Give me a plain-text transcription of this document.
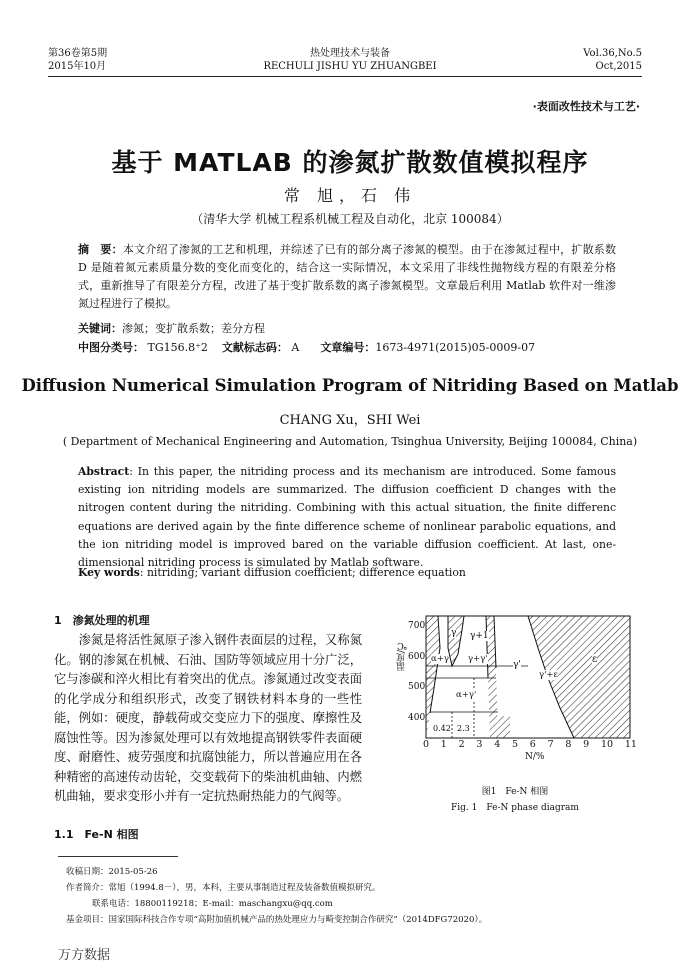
第36卷第5期
2015年10月
热处理技术与装备
RECHULI JISHU YU ZHUANGBEI
Vol.36,No.5
Oct,2015
·表面改性技术与工艺·
基于 MATLAB 的渗氮扩散数值模拟程序
常 旭，石 伟
（清华大学 机械工程系机械工程及自动化，北京 100084）
摘　要：本文介绍了渗氮的工艺和机理，并综述了已有的部分离子渗氮的模型。由于在渗氮过程中，扩散系数 D 是随着氮元素质量分数的变化而变化的，结合这一实际情况，本文采用了非线性抛物线方程的有限差分格式，重新推导了有限差分方程，改进了基于变扩散系数的离子渗氮模型。文章最后利用 Matlab 软件对一维渗氮过程进行了模拟。
关键词：渗氮；变扩散系数；差分方程
中图分类号： TG156.8⁺2 文献标志码： A 文章编号：1673-4971(2015)05-0009-07
Diffusion Numerical Simulation Program of Nitriding Based on Matlab
CHANG Xu，SHI Wei
( Department of Mechanical Engineering and Automation, Tsinghua University, Beijing 100084, China)
Abstract: In this paper, the nitriding process and its mechanism are introduced. Some famous existing ion nitriding models are summarized. The diffusion coefficient D changes with the nitrogen content during the nitriding. Combining with this actual situation, the finite differenc equations are derived again by the finte difference scheme of nonlinear parabolic equations, and the ion nitriding model is improved bared on the variable diffusion coefficient. At last, one-dimensional nitriding process is simulated by Matlab software.
Key words: nitriding; variant diffusion coefficient; difference equation
1　渗氮处理的机理
渗氮是将活性氮原子渗入钢件表面层的过程，又称氮化。钢的渗氮在机械、石油、国防等领域应用十分广泛，它与渗碳和淬火相比有着突出的优点。渗氮通过改变表面的化学成分和组织形式，改变了钢铁材料本身的一些性能，例如：硬度，静载荷或交变应力下的强度、摩擦性及腐蚀性等。因为渗氮处理可以有效地提高钢铁零件表面硬度、耐磨性、疲劳强度和抗腐蚀能力，所以普遍应用在各种精密的高速传动齿轮，交变载荷下的柴油机曲轴、内燃机曲轴，要求变形小并有一定抗热耐热能力的气阀等。
1.1　Fe-N 相图
温度/℃
700
600
500
400
0 1 2 3 4 5 6 7 8 9 10 11
N/%
γ γ+1
α+γ γ+γ'
γ'
α+γ'
γ'+ε
ε
0.42 2.3
图1　Fe-N 相图
Fig. 1　Fe-N phase diagram
收稿日期：2015-05-26
作者简介：常旭（1994.8－），男，本科，主要从事制造过程及装备数值模拟研究。
联系电话：18800119218；E-mail：maschangxu@qq.com
基金项目：国家国际科技合作专项“高附加值机械产品的热处理应力与畸变控制合作研究”（2014DFG72020）。
万方数据
